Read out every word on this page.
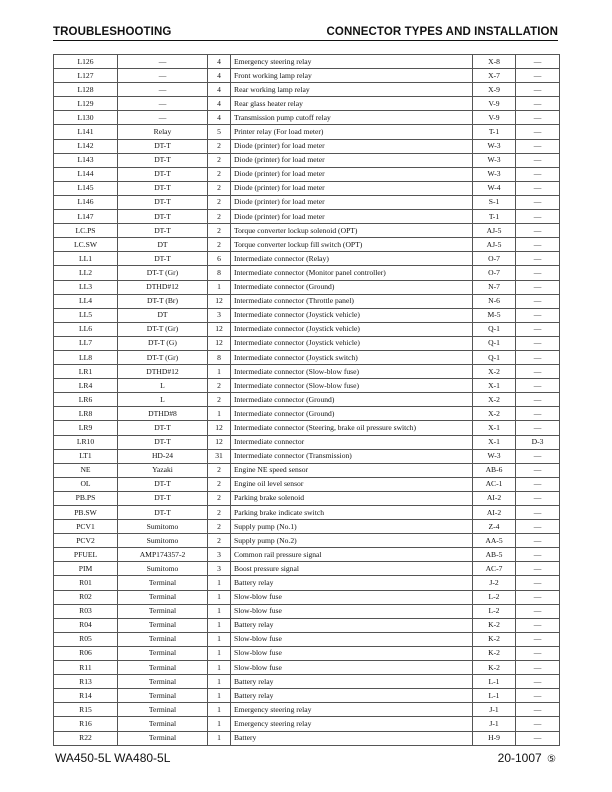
TROUBLESHOOTING	CONNECTOR TYPES AND INSTALLATION
L126	—	4	Emergency steering relay	X-8	—
L127	—	4	Front working lamp relay	X-7	—
L128	—	4	Rear working lamp relay	X-9	—
L129	—	4	Rear glass heater relay	V-9	—
L130	—	4	Transmission pump cutoff relay	V-9	—
L141	Relay	5	Printer relay (For load meter)	T-1	—
L142	DT-T	2	Diode (printer) for load meter	W-3	—
L143	DT-T	2	Diode (printer) for load meter	W-3	—
L144	DT-T	2	Diode (printer) for load meter	W-3	—
L145	DT-T	2	Diode (printer) for load meter	W-4	—
L146	DT-T	2	Diode (printer) for load meter	S-1	—
L147	DT-T	2	Diode (printer) for load meter	T-1	—
LC.PS	DT-T	2	Torque converter lockup solenoid (OPT)	AJ-5	—
LC.SW	DT	2	Torque converter lockup fill switch (OPT)	AJ-5	—
LL1	DT-T	6	Intermediate connector (Relay)	O-7	—
LL2	DT-T (Gr)	8	Intermediate connector (Monitor panel controller)	O-7	—
LL3	DTHD#12	1	Intermediate connector (Ground)	N-7	—
LL4	DT-T (Br)	12	Intermediate connector (Throttle panel)	N-6	—
LL5	DT	3	Intermediate connector (Joystick vehicle)	M-5	—
LL6	DT-T (Gr)	12	Intermediate connector (Joystick vehicle)	Q-1	—
LL7	DT-T (G)	12	Intermediate connector (Joystick vehicle)	Q-1	—
LL8	DT-T (Gr)	8	Intermediate connector (Joystick switch)	Q-1	—
LR1	DTHD#12	1	Intermediate connector (Slow-blow fuse)	X-2	—
LR4	L	2	Intermediate connector (Slow-blow fuse)	X-1	—
LR6	L	2	Intermediate connector (Ground)	X-2	—
LR8	DTHD#8	1	Intermediate connector (Ground)	X-2	—
LR9	DT-T	12	Intermediate connector (Steering, brake oil pressure switch)	X-1	—
LR10	DT-T	12	Intermediate connector	X-1	D-3
LT1	HD-24	31	Intermediate connector (Transmission)	W-3	—
NE	Yazaki	2	Engine NE speed sensor	AB-6	—
OL	DT-T	2	Engine oil level sensor	AC-1	—
PB.PS	DT-T	2	Parking brake solenoid	AI-2	—
PB.SW	DT-T	2	Parking brake indicate switch	AI-2	—
PCV1	Sumitomo	2	Supply pump (No.1)	Z-4	—
PCV2	Sumitomo	2	Supply pump (No.2)	AA-5	—
PFUEL	AMP174357-2	3	Common rail pressure signal	AB-5	—
PIM	Sumitomo	3	Boost pressure signal	AC-7	—
R01	Terminal	1	Battery relay	J-2	—
R02	Terminal	1	Slow-blow fuse	L-2	—
R03	Terminal	1	Slow-blow fuse	L-2	—
R04	Terminal	1	Battery relay	K-2	—
R05	Terminal	1	Slow-blow fuse	K-2	—
R06	Terminal	1	Slow-blow fuse	K-2	—
R11	Terminal	1	Slow-blow fuse	K-2	—
R13	Terminal	1	Battery relay	L-1	—
R14	Terminal	1	Battery relay	L-1	—
R15	Terminal	1	Emergency steering relay	J-1	—
R16	Terminal	1	Emergency steering relay	J-1	—
R22	Terminal	1	Battery	H-9	—
WA450-5L WA480-5L	20-1007 ⑤
